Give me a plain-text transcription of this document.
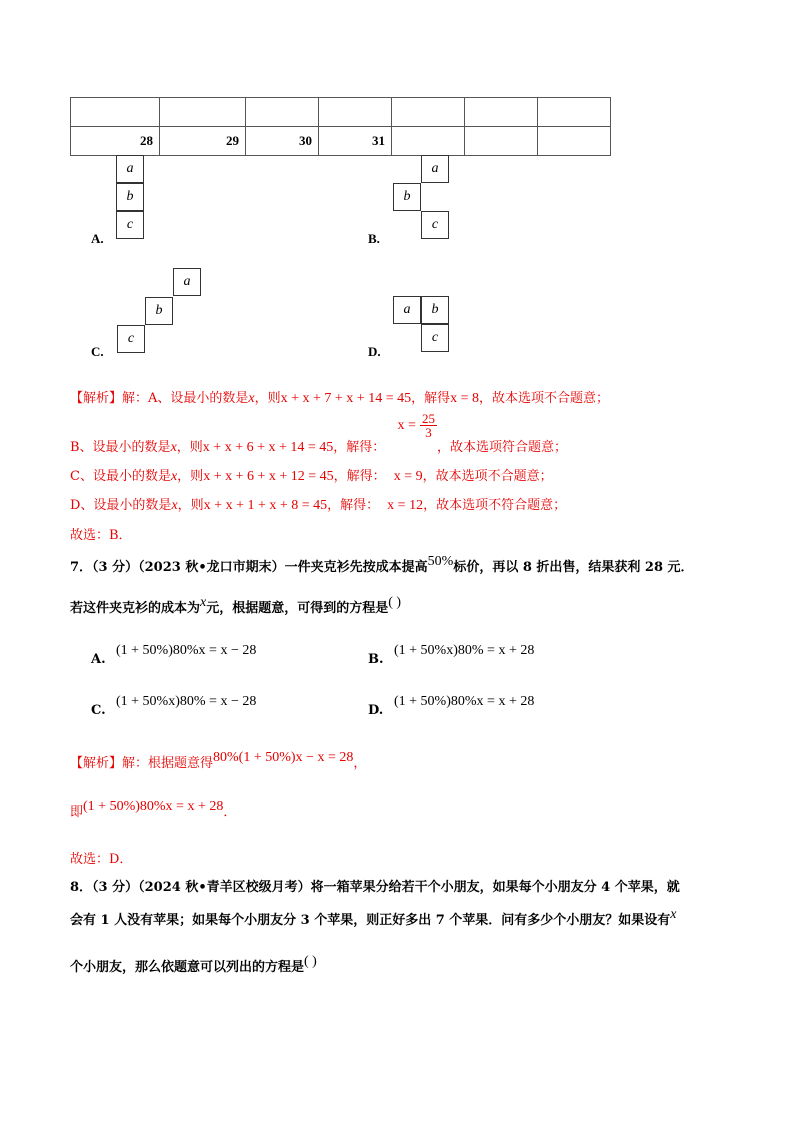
28	29	30	31			
a
b
c
A.
a
b
c
B.
a
b
c
C.
a	b
c
D.
【解析】解：A、设最小的数是x，则x + x + 7 + x + 14 = 45，解得x = 8，故本选项不合题意；
B、设最小的数是x，则x + x + 6 + x + 14 = 45，解得： $x = \frac{25}{3}$
，故本选项符合题意；
C、设最小的数是x，则x + x + 6 + x + 12 = 45，解得： x = 9，故本选项不合题意；
D、设最小的数是x，则x + x + 1 + x + 8 = 45，解得： x = 12，故本选项不符合题意；
故选：B．
7．（3 分）（2023 秋•龙口市期末）一件夹克衫先按成本提高50%标价，再以 8 折出售，结果获利 28 元．
若这件夹克衫的成本为x元，根据题意，可得到的方程是( )
A.
(1 + 50%)80%x = x − 28
B.
(1 + 50%x)80% = x + 28
C.
(1 + 50%x)80% = x − 28
D.
(1 + 50%)80%x = x + 28
【解析】解：根据题意得80%(1 + 50%)x − x = 28，
即(1 + 50%)80%x = x + 28．
故选：D．
8．（3 分）（2024 秋•青羊区校级月考）将一箱苹果分给若干个小朋友，如果每个小朋友分 4 个苹果，就
会有 1 人没有苹果；如果每个小朋友分 3 个苹果，则正好多出 7 个苹果．问有多少个小朋友？如果设有x
个小朋友，那么依题意可以列出的方程是( )
